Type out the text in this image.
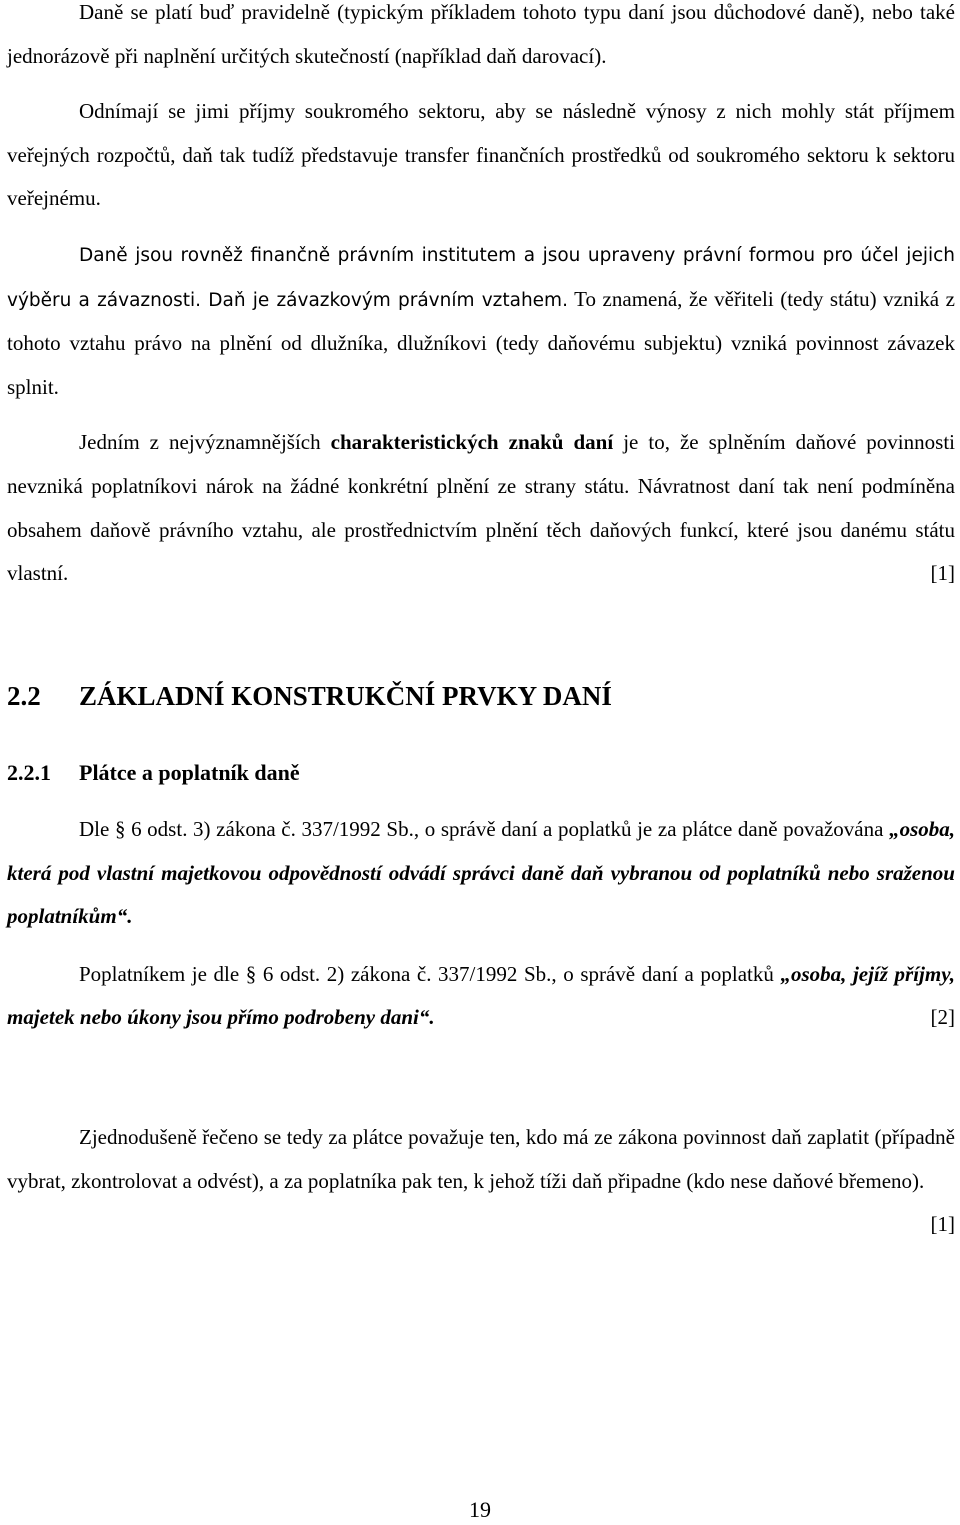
Daně se platí buď pravidelně (typickým příkladem tohoto typu daní jsou důchodové daně), nebo také jednorázově při naplnění určitých skutečností (například daň darovací).

Odnímají se jimi příjmy soukromého sektoru, aby se následně výnosy z nich mohly stát příjmem veřejných rozpočtů, daň tak tudíž představuje transfer finančních prostředků od soukromého sektoru k sektoru veřejnému.

Daně jsou rovněž finančně právním institutem a jsou upraveny právní formou pro účel jejich výběru a závaznosti. Daň je závazkovým právním vztahem. To znamená, že věřiteli (tedy státu) vzniká z tohoto vztahu právo na plnění od dlužníka, dlužníkovi (tedy daňovému subjektu) vzniká povinnost závazek splnit.

Jedním z nejvýznamnějších charakteristických znaků daní je to, že splněním daňové povinnosti nevzniká poplatníkovi nárok na žádné konkrétní plnění ze strany státu. Návratnost daní tak není podmíněna obsahem daňově právního vztahu, ale prostřednictvím plnění těch daňových funkcí, které jsou danému státu vlastní.	[1]

2.2 ZÁKLADNÍ KONSTRUKČNÍ PRVKY DANÍ
2.2.1 Plátce a poplatník daně

Dle § 6 odst. 3) zákona č. 337/1992 Sb., o správě daní a poplatků je za plátce daně považována „osoba, která pod vlastní majetkovou odpovědností odvádí správci daně daň vybranou od poplatníků nebo sraženou poplatníkům“.

Poplatníkem je dle § 6 odst. 2) zákona č. 337/1992 Sb., o správě daní a poplatků „osoba, jejíž příjmy, majetek nebo úkony jsou přímo podrobeny dani“.	[2]

Zjednodušeně řečeno se tedy za plátce považuje ten, kdo má ze zákona povinnost daň zaplatit (případně vybrat, zkontrolovat a odvést), a za poplatníka pak ten, k jehož tíži daň připadne (kdo nese daňové břemeno).
[1]

19
